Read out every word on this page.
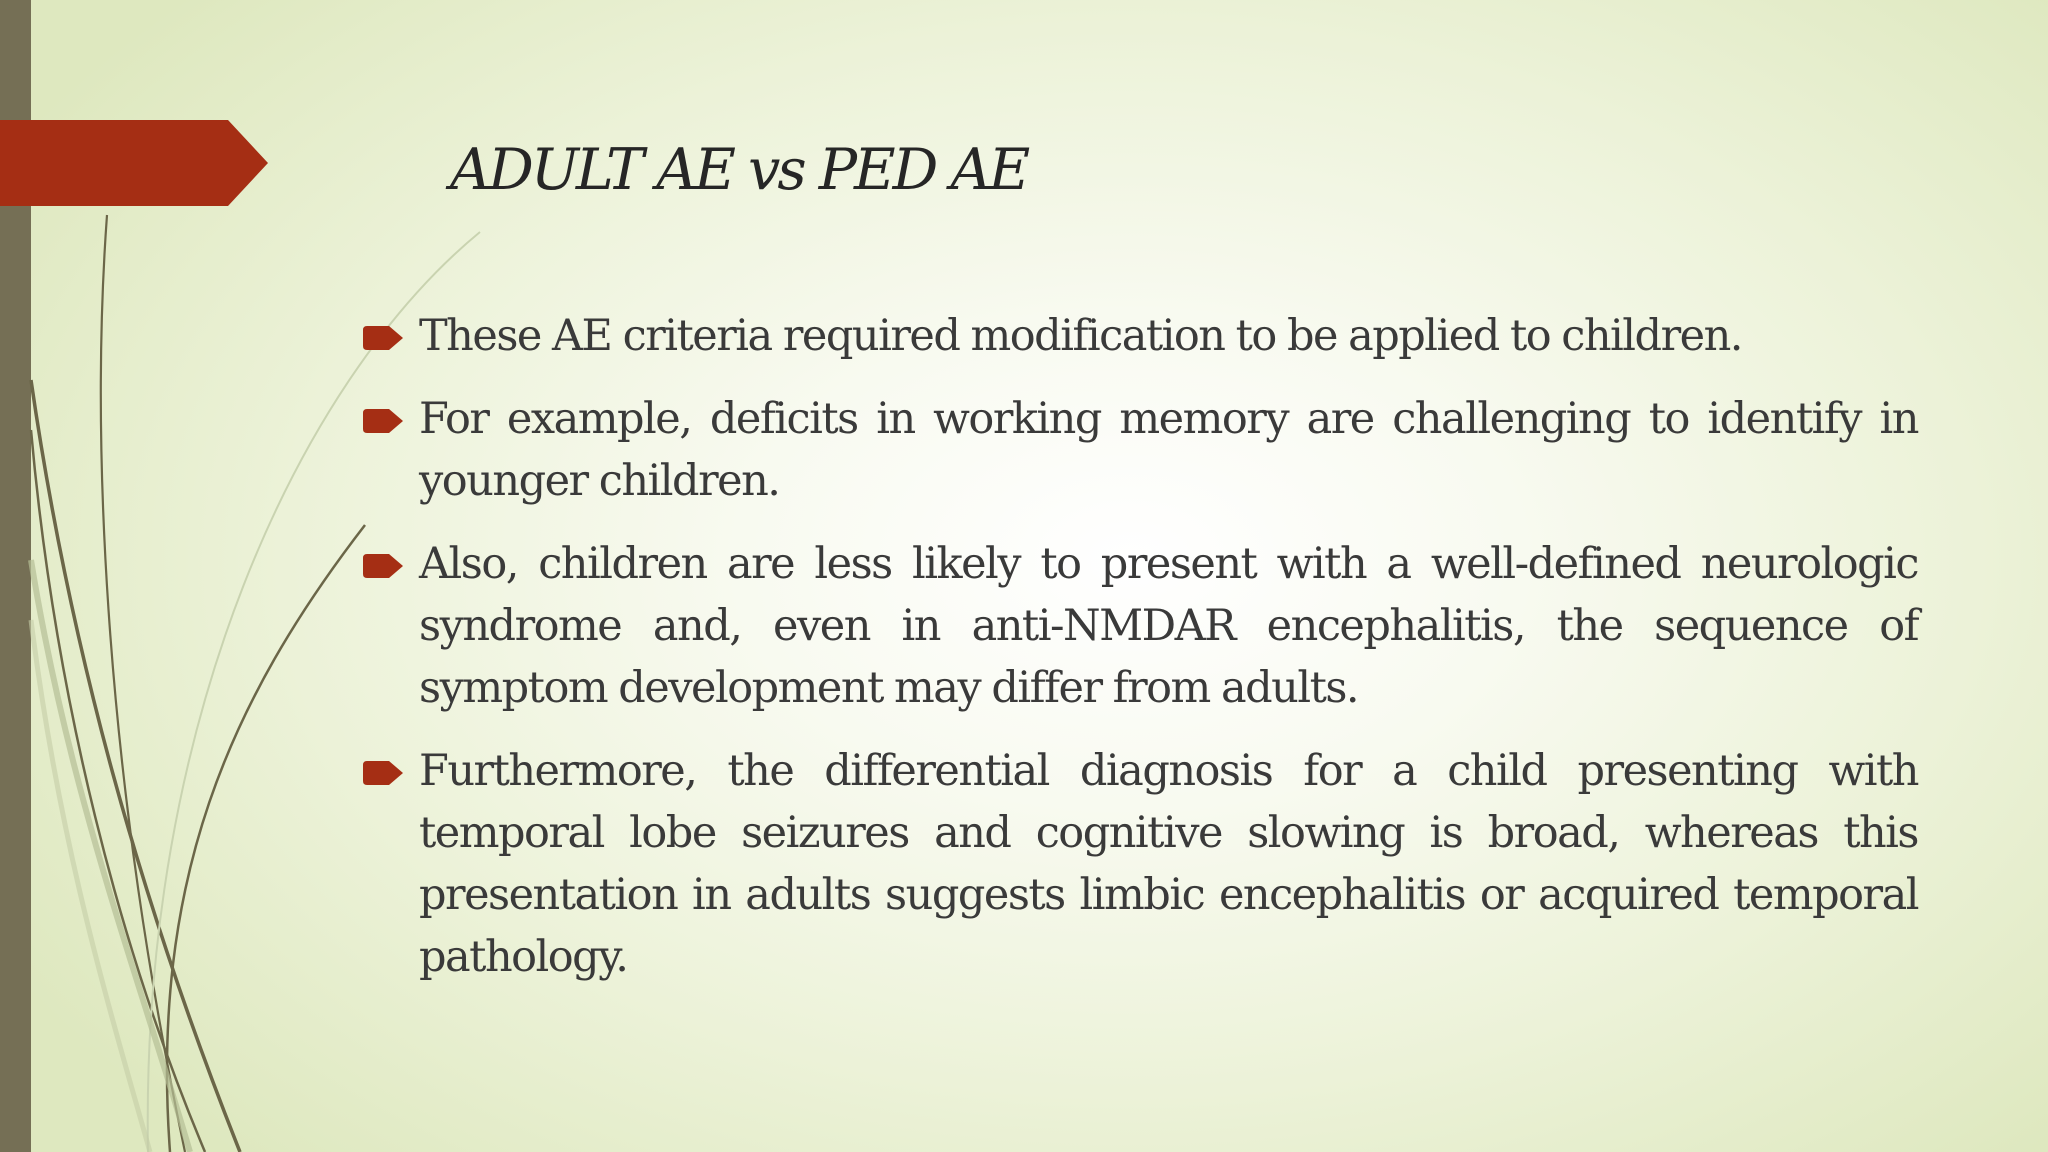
ADULT AE vs PED AE
These AE criteria required modification to be applied to children.
For example, deficits in working memory are challenging to identify in younger children.
Also, children are less likely to present with a well-defined neurologic syndrome and, even in anti-NMDAR encephalitis, the sequence of symptom development may differ from adults.
Furthermore, the differential diagnosis for a child presenting with temporal lobe seizures and cognitive slowing is broad, whereas this presentation in adults suggests limbic encephalitis or acquired temporal pathology.
